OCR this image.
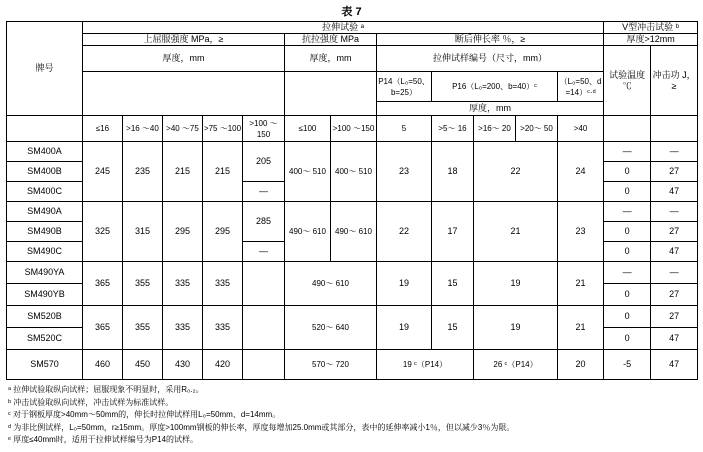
表 7
牌号	拉伸试验 ᵃ												V型冲击试验 ᵇ	
	上屈服强度 MPa，≥					抗拉强度 MPa		断后伸长率 ％，≥					厚度>12mm	
	厚度，mm					厚度，mm		拉伸试样编号（尺寸，mm）					试验温度 ℃	冲击功 J，≥

								P14（L₀=50、b=25）	P16（L₀=200、b=40）ᶜ			（L₀=50、d =14）ᶜ·ᵈ		
								厚度，mm						
	≤16	>16 ～40	>40 ～75	>75 ～100	>100 ～150	≤100	>100 ～150	5	>5～ 16	>16～ 20	>20～ 50	>40		
SM400A	245	235	215	215	205	400～ 510	400～ 510	23	18	22		24	—	—
SM400B													0	27
SM400C					—								0	47
SM490A	325	315	295	295	285	490～ 610	490～ 610	22	17	21		23	—	—
SM490B													0	27
SM490C					—								0	47
SM490YA	365	355	335	335		490～ 610		19	15	19		21	—	—
SM490YB													0	27
SM520B	365	355	335	335		520～ 640		19	15	19		21	0	27
SM520C													0	47
SM570	460	450	430	420		570～ 720		19 ᶜ（P14）		26 ᶜ（P14）		20	-5	47
ᵃ 拉伸试验取纵向试样；屈服现象不明显时，采用R₀.₂。
ᵇ 冲击试验取纵向试样，冲击试样为标准试样。
ᶜ 对于钢板厚度>40mm～50mm的，伸长时拉伸试样用L₀=50mm、d=14mm。
ᵈ 为非比例试样，L₀=50mm，r≥15mm。厚度>100mm钢板的伸长率，厚度每增加25.0mm或其部分，表中的延伸率减小1％，但以减少3％为限。
ᵉ 厚度≤40mm时，适用于拉伸试样编号为P14的试样。
